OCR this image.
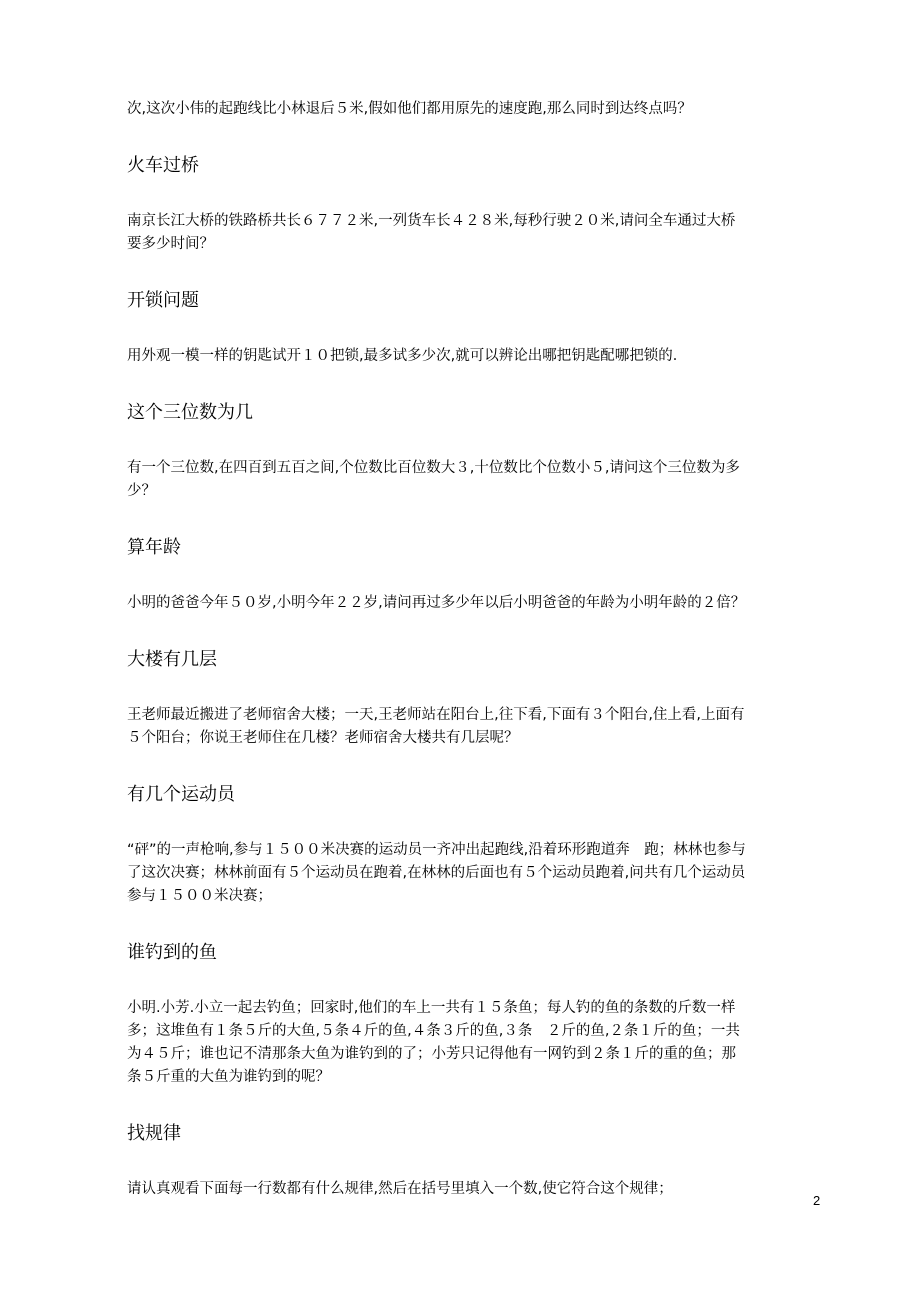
次,这次小伟的起跑线比小林退后５米,假如他们都用原先的速度跑,那么同时到达终点吗？

火车过桥

南京长江大桥的铁路桥共长６７７２米,一列货车长４２８米,每秒行驶２０米,请问全车通过大桥要多少时间？

开锁问题

用外观一模一样的钥匙试开１０把锁,最多试多少次,就可以辨论出哪把钥匙配哪把锁的．

这个三位数为几

有一个三位数,在四百到五百之间,个位数比百位数大３,十位数比个位数小５,请问这个三位数为多少？

算年龄

小明的爸爸今年５０岁,小明今年２２岁,请问再过多少年以后小明爸爸的年龄为小明年龄的２倍？

大楼有几层

王老师最近搬进了老师宿舍大楼；一天,王老师站在阳台上,往下看,下面有３个阳台,住上看,上面有５个阳台；你说王老师住在几楼？老师宿舍大楼共有几层呢？

有几个运动员

“砰”的一声枪响,参与１５００米决赛的运动员一齐冲出起跑线,沿着环形跑道奔　跑；林林也参与了这次决赛；林林前面有５个运动员在跑着,在林林的后面也有５个运动员跑着,问共有几个运动员参与１５００米决赛；

谁钓到的鱼

小明.小芳.小立一起去钓鱼；回家时,他们的车上一共有１５条鱼；每人钓的鱼的条数的斤数一样多；这堆鱼有１条５斤的大鱼,５条４斤的鱼,４条３斤的鱼,３条　２斤的鱼,２条１斤的鱼；一共为４５斤；谁也记不清那条大鱼为谁钓到的了；小芳只记得他有一网钓到２条１斤的重的鱼；那条５斤重的大鱼为谁钓到的呢？

找规律

请认真观看下面每一行数都有什么规律,然后在括号里填入一个数,使它符合这个规律；

2
